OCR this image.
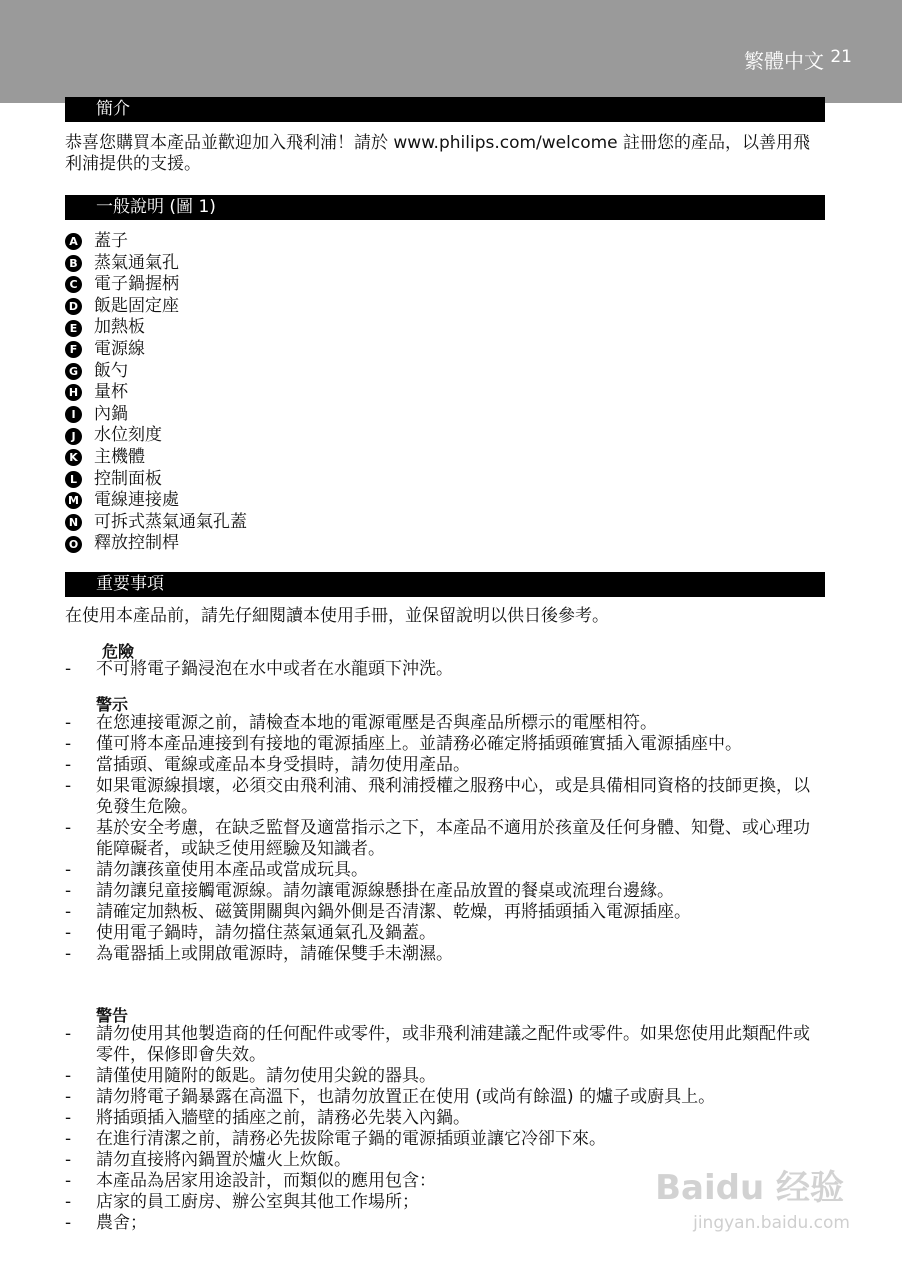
繁體中文 21
簡介
恭喜您購買本產品並歡迎加入飛利浦！請於 www.philips.com/welcome 註冊您的產品，以善用飛利浦提供的支援。
一般說明 (圖 1)
A 蓋子
B 蒸氣通氣孔
C 電子鍋握柄
D 飯匙固定座
E 加熱板
F 電源線
G 飯勺
H 量杯
I	內鍋
J	水位刻度
K 主機體
L 控制面板
M 電線連接處
N 可拆式蒸氣通氣孔蓋
O 釋放控制桿
重要事項
在使用本產品前，請先仔細閱讀本使用手冊，並保留說明以供日後參考。
危險
- 不可將電子鍋浸泡在水中或者在水龍頭下沖洗。
警示
- 在您連接電源之前，請檢查本地的電源電壓是否與產品所標示的電壓相符。
- 僅可將本產品連接到有接地的電源插座上。並請務必確定將插頭確實插入電源插座中。
- 當插頭、電線或產品本身受損時，請勿使用產品。
- 如果電源線損壞，必須交由飛利浦、飛利浦授權之服務中心，或是具備相同資格的技師更換，以免發生危險。
- 基於安全考慮，在缺乏監督及適當指示之下，本產品不適用於孩童及任何身體、知覺、或心理功能障礙者，或缺乏使用經驗及知識者。
- 請勿讓孩童使用本產品或當成玩具。
- 請勿讓兒童接觸電源線。請勿讓電源線懸掛在產品放置的餐桌或流理台邊緣。
- 請確定加熱板、磁簧開關與內鍋外側是否清潔、乾燥，再將插頭插入電源插座。
- 使用電子鍋時，請勿擋住蒸氣通氣孔及鍋蓋。
- 為電器插上或開啟電源時，請確保雙手未潮濕。
警告
- 請勿使用其他製造商的任何配件或零件，或非飛利浦建議之配件或零件。如果您使用此類配件或零件，保修即會失效。
- 請僅使用隨附的飯匙。請勿使用尖銳的器具。
- 請勿將電子鍋暴露在高溫下，也請勿放置正在使用 (或尚有餘溫) 的爐子或廚具上。
- 將插頭插入牆壁的插座之前，請務必先裝入內鍋。
- 在進行清潔之前，請務必先拔除電子鍋的電源插頭並讓它冷卻下來。
- 請勿直接將內鍋置於爐火上炊飯。
- 本產品為居家用途設計，而類似的應用包含：
- 店家的員工廚房、辦公室與其他工作場所；
- 農舍；
Baidu 经验
jingyan.baidu.com
